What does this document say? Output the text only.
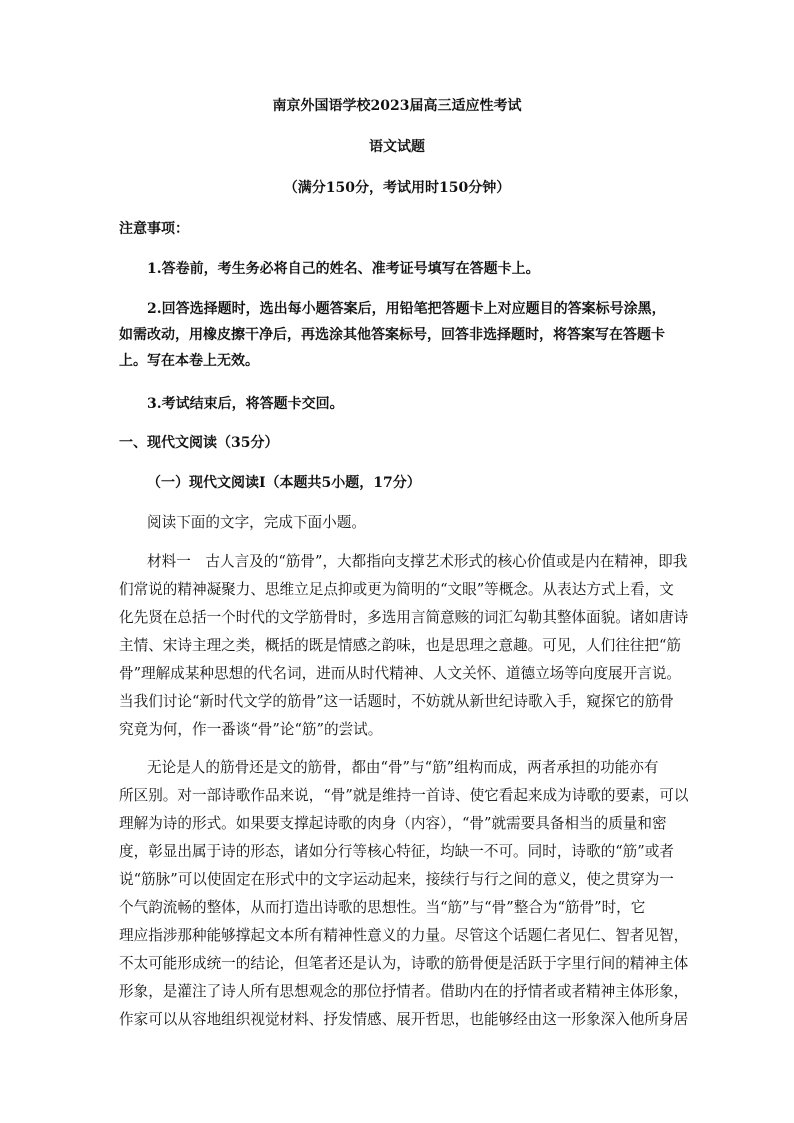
南京外国语学校2023届高三适应性考试
语文试题
（满分150分，考试用时150分钟）
注意事项：
1.答卷前，考生务必将自己的姓名、准考证号填写在答题卡上。
2.回答选择题时，选出每小题答案后，用铅笔把答题卡上对应题目的答案标号涂黑，
如需改动，用橡皮擦干净后，再选涂其他答案标号，回答非选择题时，将答案写在答题卡
上。写在本卷上无效。
3.考试结束后，将答题卡交回。
一、现代文阅读（35分）
（一）现代文阅读Ⅰ（本题共5小题，17分）
阅读下面的文字，完成下面小题。
材料一　古人言及的“筋骨”，大都指向支撑艺术形式的核心价值或是内在精神，即我
们常说的精神凝聚力、思维立足点抑或更为简明的“文眼”等概念。从表达方式上看，文
化先贤在总括一个时代的文学筋骨时，多选用言简意赅的词汇勾勒其整体面貌。诸如唐诗
主情、宋诗主理之类，概括的既是情感之韵味，也是思理之意趣。可见，人们往往把“筋
骨”理解成某种思想的代名词，进而从时代精神、人文关怀、道德立场等向度展开言说。
当我们讨论“新时代文学的筋骨”这一话题时，不妨就从新世纪诗歌入手，窥探它的筋骨
究竟为何，作一番谈“骨”论“筋”的尝试。
无论是人的筋骨还是文的筋骨，都由“骨”与“筋”组构而成，两者承担的功能亦有
所区别。对一部诗歌作品来说，“骨”就是维持一首诗、使它看起来成为诗歌的要素，可以
理解为诗的形式。如果要支撑起诗歌的肉身（内容），“骨”就需要具备相当的质量和密
度，彰显出属于诗的形态，诸如分行等核心特征，均缺一不可。同时，诗歌的“筋”或者
说“筋脉”可以使固定在形式中的文字运动起来，接续行与行之间的意义，使之贯穿为一
个气韵流畅的整体，从而打造出诗歌的思想性。当“筋”与“骨”整合为“筋骨”时，它
理应指涉那种能够撑起文本所有精神性意义的力量。尽管这个话题仁者见仁、智者见智，
不太可能形成统一的结论，但笔者还是认为，诗歌的筋骨便是活跃于字里行间的精神主体
形象，是灌注了诗人所有思想观念的那位抒情者。借助内在的抒情者或者精神主体形象，
作家可以从容地组织视觉材料、抒发情感、展开哲思，也能够经由这一形象深入他所身居
